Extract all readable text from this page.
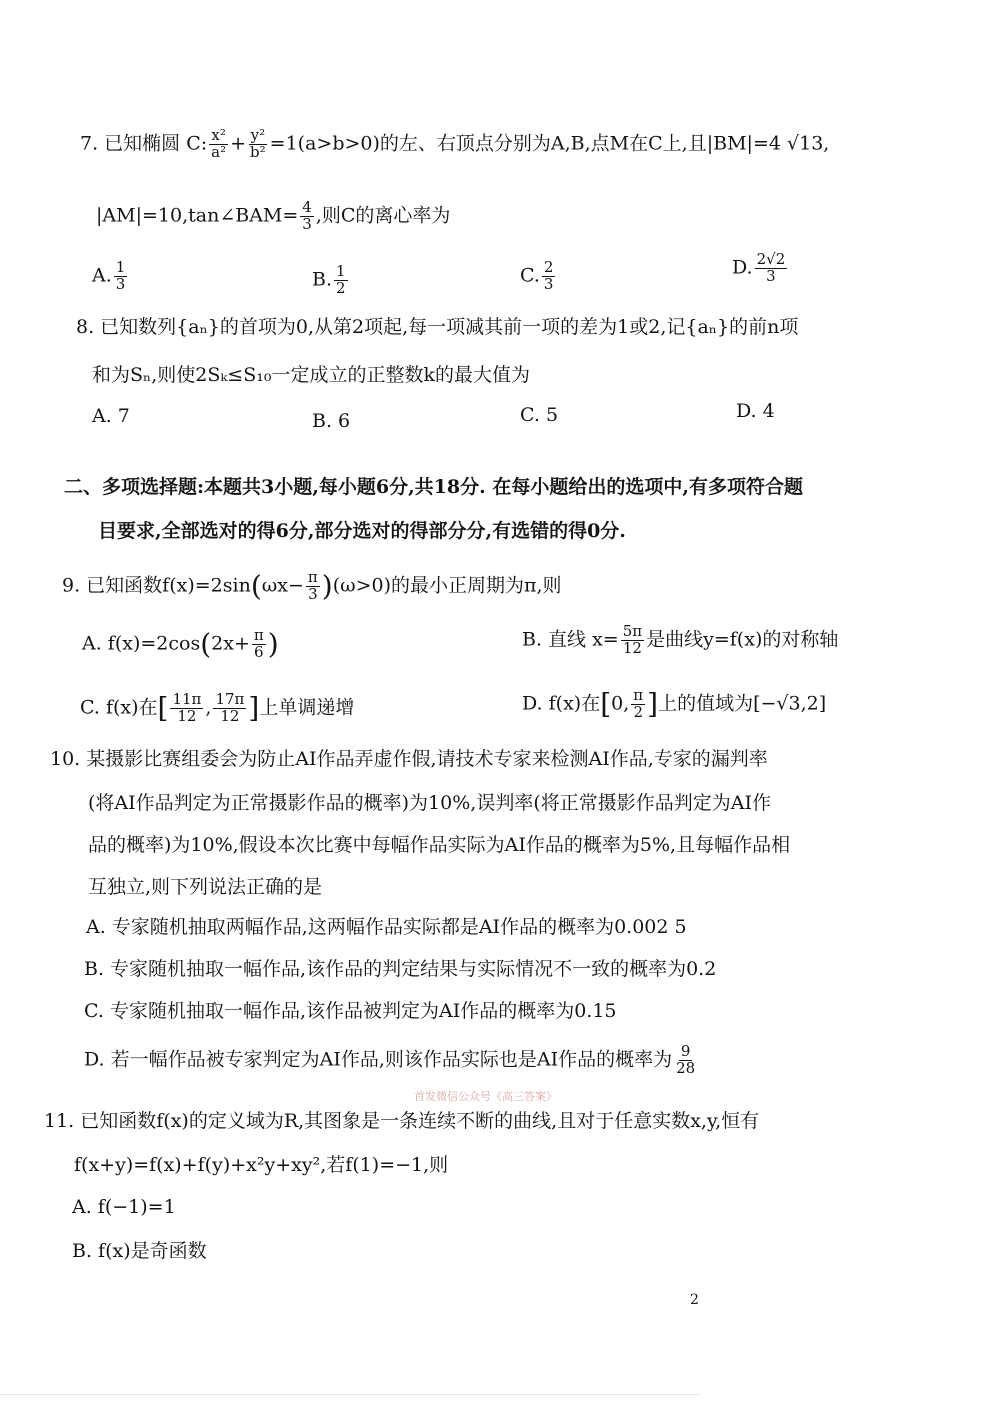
7. 已知椭圆 C: $\frac{\text{x²}}{\text{a²}} + \frac{\text{y²}}{\text{b²}} =1(a>b>0)$的左、右顶点分别为A,B,点M在C上,且|BM|=4 √13,
|AM|=10,tan∠BAM= $\frac{4}{3}$ ,则C的离心率为
A. $\frac{1}{3}$	B. $\frac{1}{2}$	C. $\frac{2}{3}$	D. $\frac{2√2}{3}$
8. 已知数列{aₙ}的首项为0,从第2项起,每一项减其前一项的差为1或2,记{aₙ}的前n项
和为Sₙ,则使2Sₖ≤S₁₀一定成立的正整数k的最大值为
A. 7	B. 6	C. 5	D. 4
二、多项选择题:本题共3小题,每小题6分,共18分. 在每小题给出的选项中,有多项符合题
目要求,全部选对的得6分,部分选对的得部分分,有选错的得0分.
9. 已知函数$f(x)=2\sin(\omega x- \frac{\pi}{3} )(\omega>0)$的最小正周期为π,则
A. $f(x)=2\cos(2x+ \frac{\pi}{6}$ )	B. 直线 $x= \frac{5\pi}{12}$ 是曲线y=f(x)的对称轴
C. f(x)在[ $\frac{11\pi}{12}$ , $\frac{17\pi}{12}$ ]上单调递增	D. f(x)在[0, $\frac{\pi}{2}$ ]上的值域为[−√3,2]
10. 某摄影比赛组委会为防止AI作品弄虚作假,请技术专家来检测AI作品,专家的漏判率
(将AI作品判定为正常摄影作品的概率)为10%,误判率(将正常摄影作品判定为AI作
品的概率)为10%,假设本次比赛中每幅作品实际为AI作品的概率为5%,且每幅作品相
互独立,则下列说法正确的是
A. 专家随机抽取两幅作品,这两幅作品实际都是AI作品的概率为0.002 5
B. 专家随机抽取一幅作品,该作品的判定结果与实际情况不一致的概率为0.2
C. 专家随机抽取一幅作品,该作品被判定为AI作品的概率为0.15
D. 若一幅作品被专家判定为AI作品,则该作品实际也是AI作品的概率为 $\frac{9}{28}$
首发微信公众号《高三答案》
11. 已知函数f(x)的定义域为R,其图象是一条连续不断的曲线,且对于任意实数x,y,恒有
f(x+y)=f(x)+f(y)+x²y+xy²,若f(1)=−1,则
A. f(−1)=1
B. f(x)是奇函数
2
